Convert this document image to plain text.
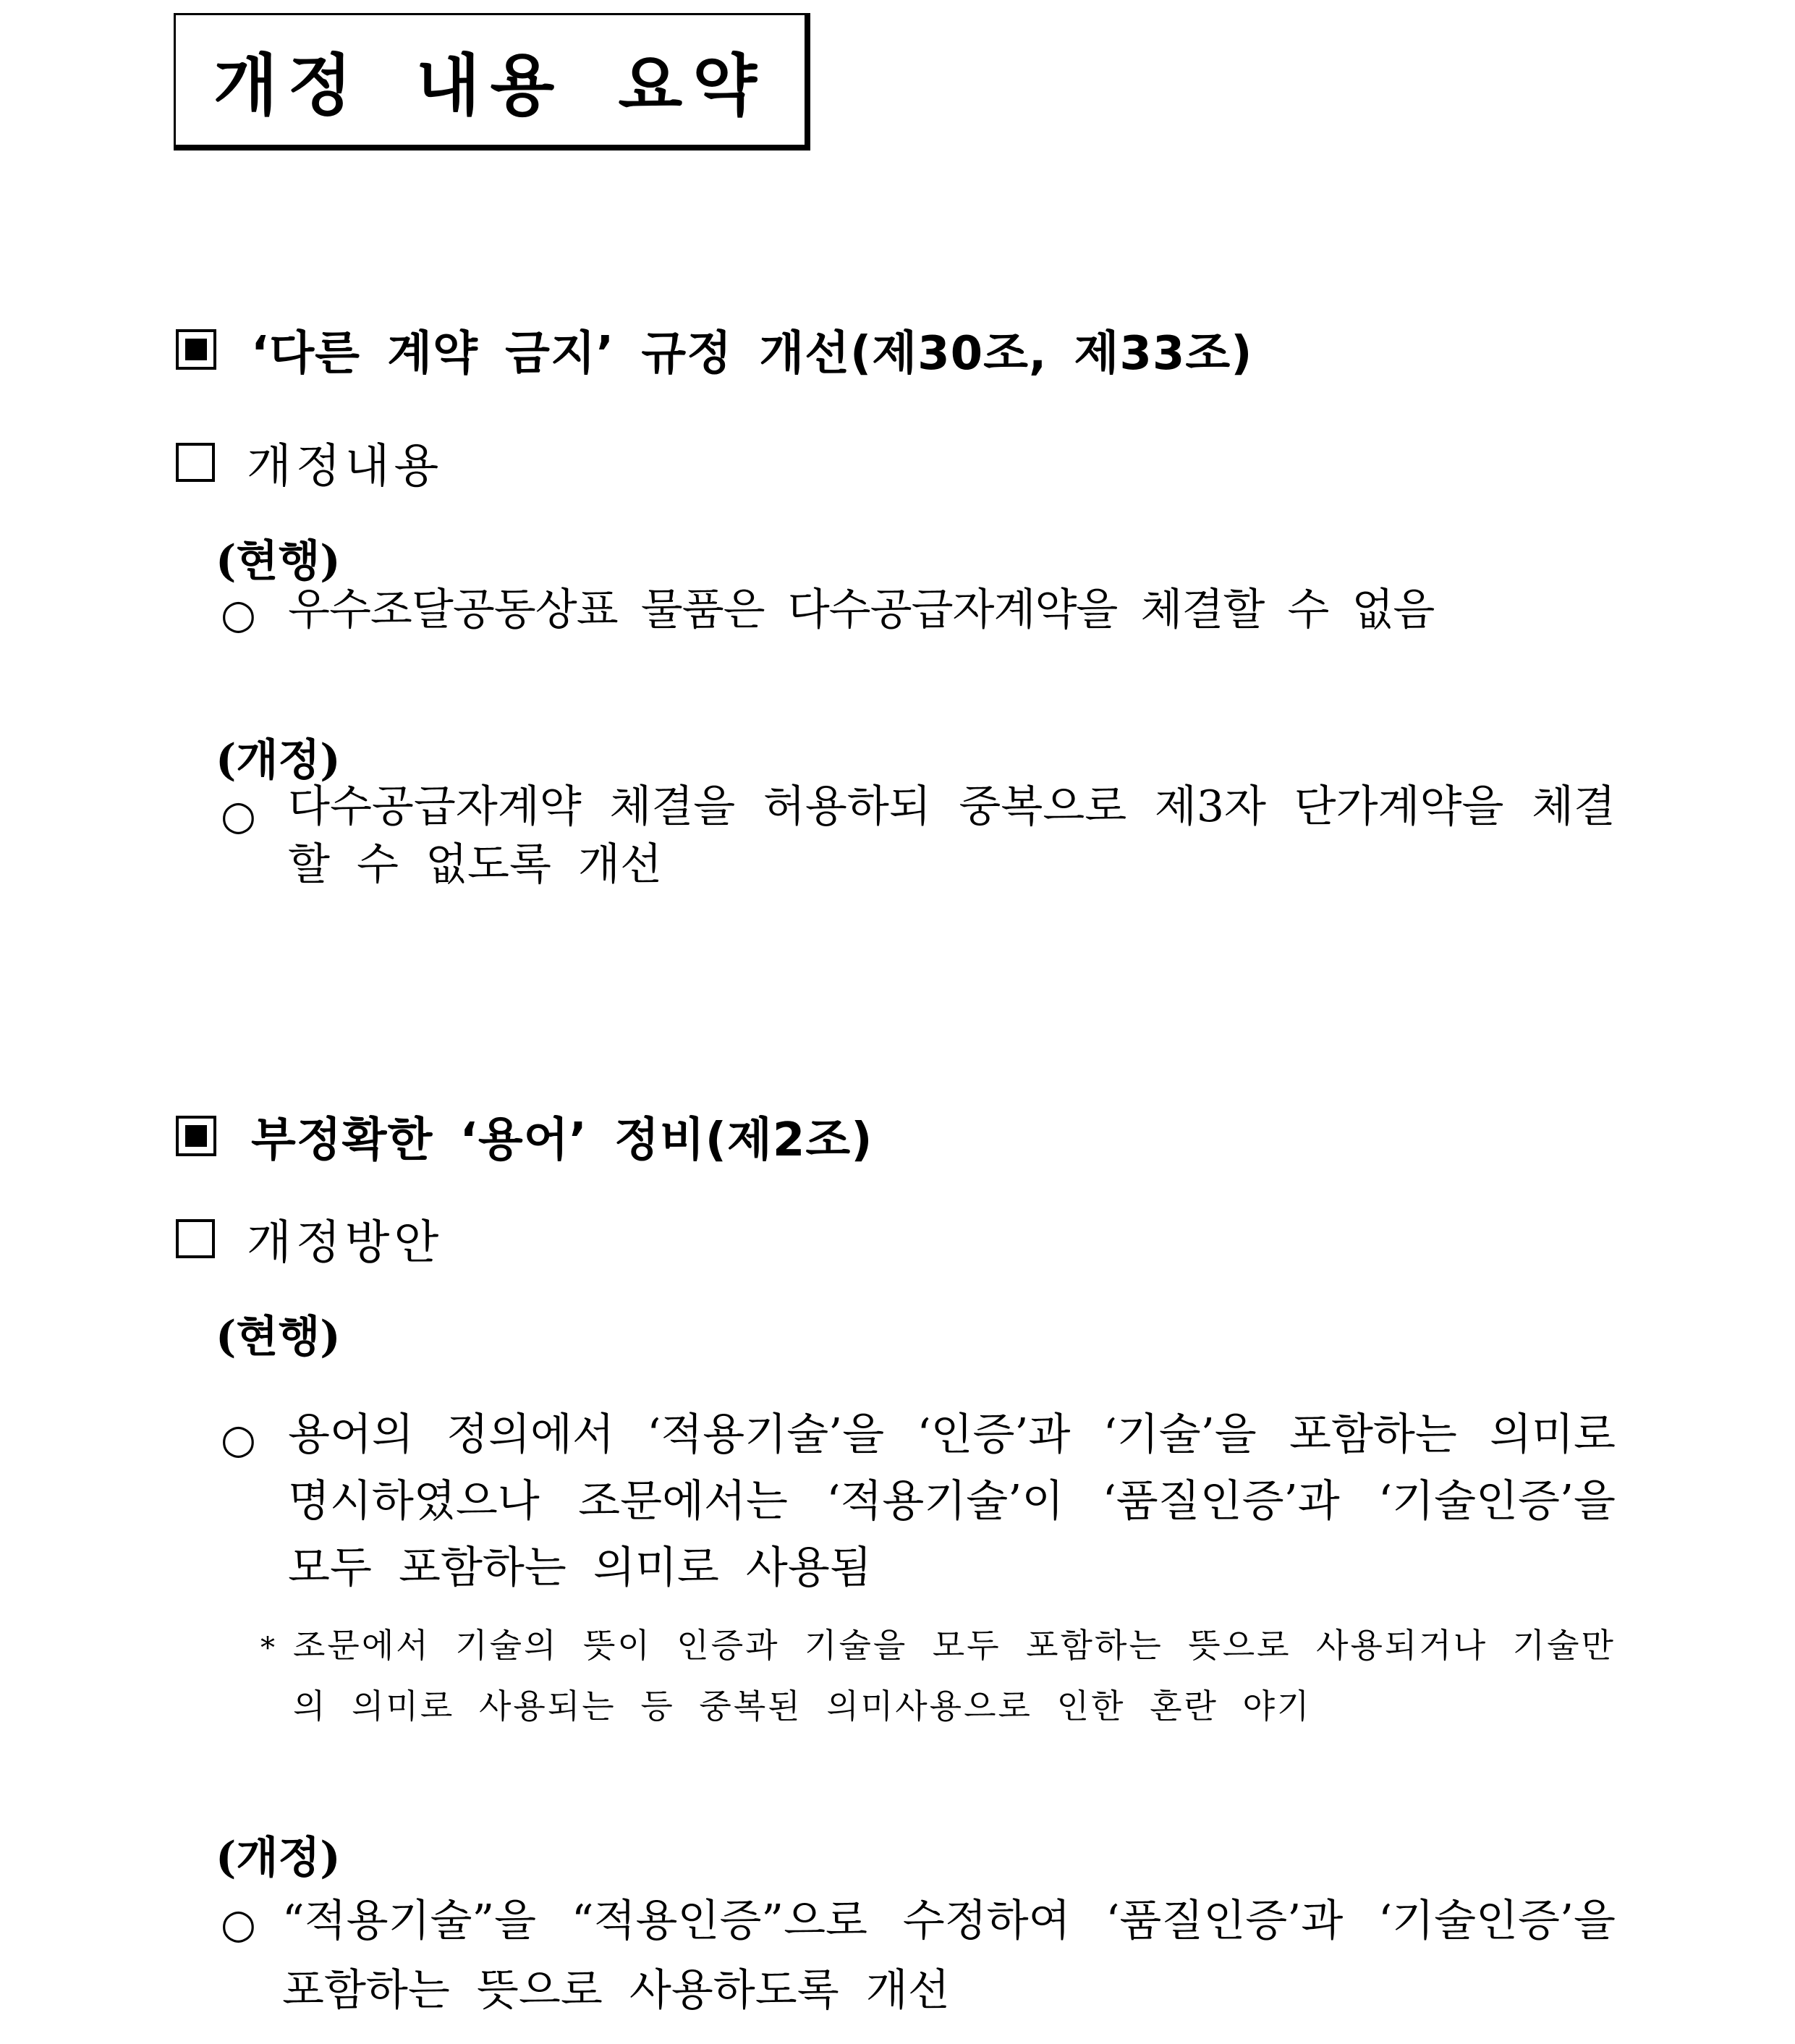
개정 내용 요약
‘다른 계약 금지’ 규정 개선(제30조, 제33조)
개정내용
(현행)
○ 우수조달공동상표 물품은 다수공급자계약을 체결할 수 없음
(개정)
○ 다수공급자계약 체결을 허용하되 중복으로 제3자 단가계약을 체결할 수 없도록 개선
부정확한 ‘용어’ 정비(제2조)
개정방안
(현행)
○ 용어의 정의에서 ‘적용기술’을 ‘인증’과 ‘기술’을 포함하는 의미로 명시하였으나 조문에서는 ‘적용기술’이 ‘품질인증’과 ‘기술인증’을 모두 포함하는 의미로 사용됨
* 조문에서 기술의 뜻이 인증과 기술을 모두 포함하는 뜻으로 사용되거나 기술만의 의미로 사용되는 등 중복된 의미사용으로 인한 혼란 야기
(개정)
○ “적용기술”을 “적용인증”으로 수정하여 ‘품질인증’과 ‘기술인증’을 포함하는 뜻으로 사용하도록 개선
